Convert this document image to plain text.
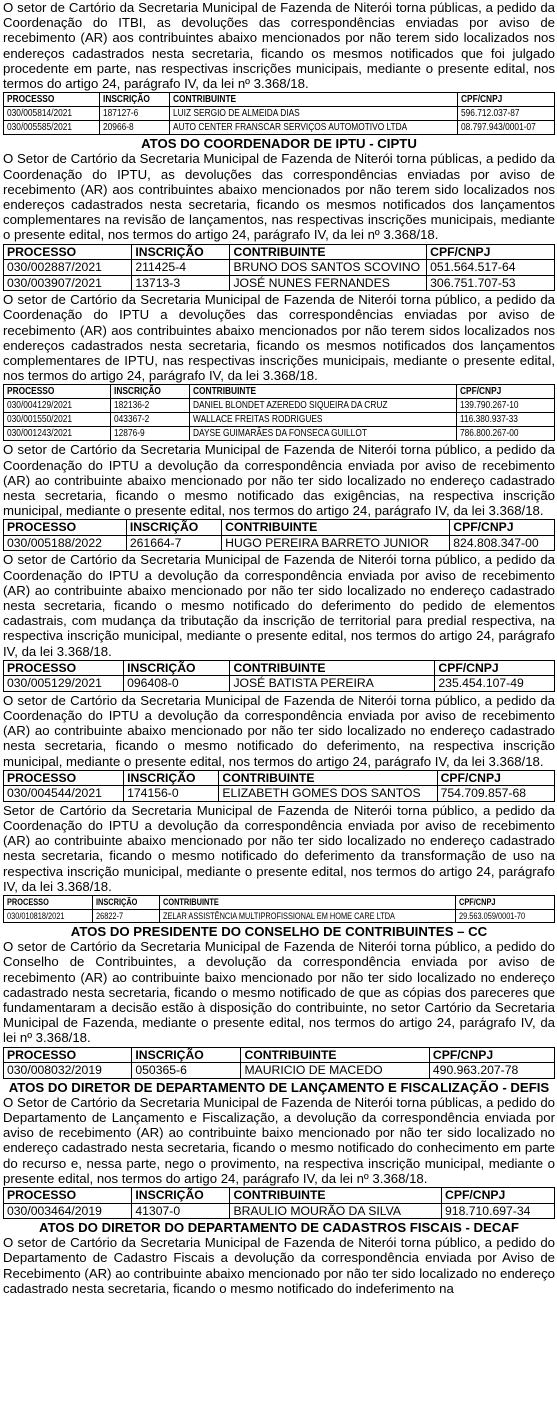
O setor de Cartório da Secretaria Municipal de Fazenda de Niterói torna públicas, a pedido da Coordenação do ITBI, as devoluções das correspondências enviadas por aviso de recebimento (AR) aos contribuintes abaixo mencionados por não terem sido localizados nos endereços cadastrados nesta secretaria, ficando os mesmos notificados que foi julgado procedente em parte, nas respectivas inscrições municipais, mediante o presente edital, nos termos do artigo 24, parágrafo IV, da lei nº 3.368/18.

PROCESSO	INSCRIÇÃO	CONTRIBUINTE	CPF/CNPJ
030/005814/2021	187127-6	LUIZ SERGIO DE ALMEIDA DIAS	596.712.037-87
030/005585/2021	20966-8	AUTO CENTER FRANSCAR SERVIÇOS AUTOMOTIVO LTDA	08.797.943/0001-07

ATOS DO COORDENADOR DE IPTU - CIPTU

O Setor de Cartório da Secretaria Municipal de Fazenda de Niterói torna públicas, a pedido da Coordenação do IPTU, as devoluções das correspondências enviadas por aviso de recebimento (AR) aos contribuintes abaixo mencionados por não terem sido localizados nos endereços cadastrados nesta secretaria, ficando os mesmos notificados dos lançamentos complementares na revisão de lançamentos, nas respectivas inscrições municipais, mediante o presente edital, nos termos do artigo 24, parágrafo IV, da lei nº 3.368/18.

PROCESSO	INSCRIÇÃO	CONTRIBUINTE	CPF/CNPJ
030/002887/2021	211425-4	BRUNO DOS SANTOS SCOVINO	051.564.517-64
030/003907/2021	13713-3	JOSÉ NUNES FERNANDES	306.751.707-53

O setor de Cartório da Secretaria Municipal de Fazenda de Niterói torna público, a pedido da Coordenação do IPTU a devoluções das correspondências enviadas por aviso de recebimento (AR) aos contribuintes abaixo mencionados por não terem sidos localizados nos endereços cadastrados nesta secretaria, ficando os mesmos notificados dos lançamentos complementares de IPTU, nas respectivas inscrições municipais, mediante o presente edital, nos termos do artigo 24, parágrafo IV, da lei 3.368/18.

PROCESSO	INSCRIÇÃO	CONTRIBUINTE	CPF/CNPJ
030/004129/2021	182136-2	DANIEL BLONDET AZEREDO SIQUEIRA DA CRUZ	139.790.267-10
030/001550/2021	043367-2	WALLACE FREITAS RODRIGUES	116.380.937-33
030/001243/2021	12876-9	DAYSE GUIMARÃES DA FONSECA GUILLOT	786.800.267-00

O setor de Cartório da Secretaria Municipal de Fazenda de Niterói torna público, a pedido da Coordenação do IPTU a devolução da correspondência enviada por aviso de recebimento (AR) ao contribuinte abaixo mencionado por não ter sido localizado no endereço cadastrado nesta secretaria, ficando o mesmo notificado das exigências, na respectiva inscrição municipal, mediante o presente edital, nos termos do artigo 24, parágrafo IV, da lei 3.368/18.

PROCESSO	INSCRIÇÃO	CONTRIBUINTE	CPF/CNPJ
030/005188/2022	261664-7	HUGO PEREIRA BARRETO JUNIOR	824.808.347-00

O setor de Cartório da Secretaria Municipal de Fazenda de Niterói torna público, a pedido da Coordenação do IPTU a devolução da correspondência enviada por aviso de recebimento (AR) ao contribuinte abaixo mencionado por não ter sido localizado no endereço cadastrado nesta secretaria, ficando o mesmo notificado do deferimento do pedido de elementos cadastrais, com mudança da tributação da inscrição de territorial para predial respectiva, na respectiva inscrição municipal, mediante o presente edital, nos termos do artigo 24, parágrafo IV, da lei 3.368/18.

PROCESSO	INSCRIÇÃO	CONTRIBUINTE	CPF/CNPJ
030/005129/2021	096408-0	JOSÉ BATISTA PEREIRA	235.454.107-49

O setor de Cartório da Secretaria Municipal de Fazenda de Niterói torna público, a pedido da Coordenação do IPTU a devolução da correspondência enviada por aviso de recebimento (AR) ao contribuinte abaixo mencionado por não ter sido localizado no endereço cadastrado nesta secretaria, ficando o mesmo notificado do deferimento, na respectiva inscrição municipal, mediante o presente edital, nos termos do artigo 24, parágrafo IV, da lei 3.368/18.

PROCESSO	INSCRIÇÃO	CONTRIBUINTE	CPF/CNPJ
030/004544/2021	174156-0	ELIZABETH GOMES DOS SANTOS	754.709.857-68

Setor de Cartório da Secretaria Municipal de Fazenda de Niterói torna público, a pedido da Coordenação do IPTU a devolução da correspondência enviada por aviso de recebimento (AR) ao contribuinte abaixo mencionado por não ter sido localizado no endereço cadastrado nesta secretaria, ficando o mesmo notificado do deferimento da transformação de uso na respectiva inscrição municipal, mediante o presente edital, nos termos do artigo 24, parágrafo IV, da lei 3.368/18.

PROCESSO	INSCRIÇÃO	CONTRIBUINTE	CPF/CNPJ
030/010818/2021	26822-7	ZELAR ASSISTÊNCIA MULTIPROFISSIONAL EM HOME CARE LTDA	29.563.059/0001-70

ATOS DO PRESIDENTE DO CONSELHO DE CONTRIBUINTES – CC

O setor de Cartório da Secretaria Municipal de Fazenda de Niterói torna público, a pedido do Conselho de Contribuintes, a devolução da correspondência enviada por aviso de recebimento (AR) ao contribuinte baixo mencionado por não ter sido localizado no endereço cadastrado nesta secretaria, ficando o mesmo notificado de que as cópias dos pareceres que fundamentaram a decisão estão à disposição do contribuinte, no setor Cartório da Secretaria Municipal de Fazenda, mediante o presente edital, nos termos do artigo 24, parágrafo IV, da lei nº 3.368/18.

PROCESSO	INSCRIÇÃO	CONTRIBUINTE	CPF/CNPJ
030/008032/2019	050365-6	MAURICIO DE MACEDO	490.963.207-78

ATOS DO DIRETOR DE DEPARTAMENTO DE LANÇAMENTO E FISCALIZAÇÃO - DEFIS

O Setor de Cartório da Secretaria Municipal de Fazenda de Niterói torna públicas, a pedido do Departamento de Lançamento e Fiscalização, a devolução da correspondência enviada por aviso de recebimento (AR) ao contribuinte baixo mencionado por não ter sido localizado no endereço cadastrado nesta secretaria, ficando o mesmo notificado do conhecimento em parte do recurso e, nessa parte, nego o provimento, na respectiva inscrição municipal, mediante o presente edital, nos termos do artigo 24, parágrafo IV, da lei nº 3.368/18.

PROCESSO	INSCRIÇÃO	CONTRIBUINTE	CPF/CNPJ
030/003464/2019	41307-0	BRAULIO MOURÃO DA SILVA	918.710.697-34

ATOS DO DIRETOR DO DEPARTAMENTO DE CADASTROS FISCAIS - DECAF

O setor de Cartório da Secretaria Municipal de Fazenda de Niterói torna público, a pedido do Departamento de Cadastro Fiscais a devolução da correspondência enviada por Aviso de Recebimento (AR) ao contribuinte abaixo mencionado por não ter sido localizado no endereço cadastrado nesta secretaria, ficando o mesmo notificado do indeferimento na
